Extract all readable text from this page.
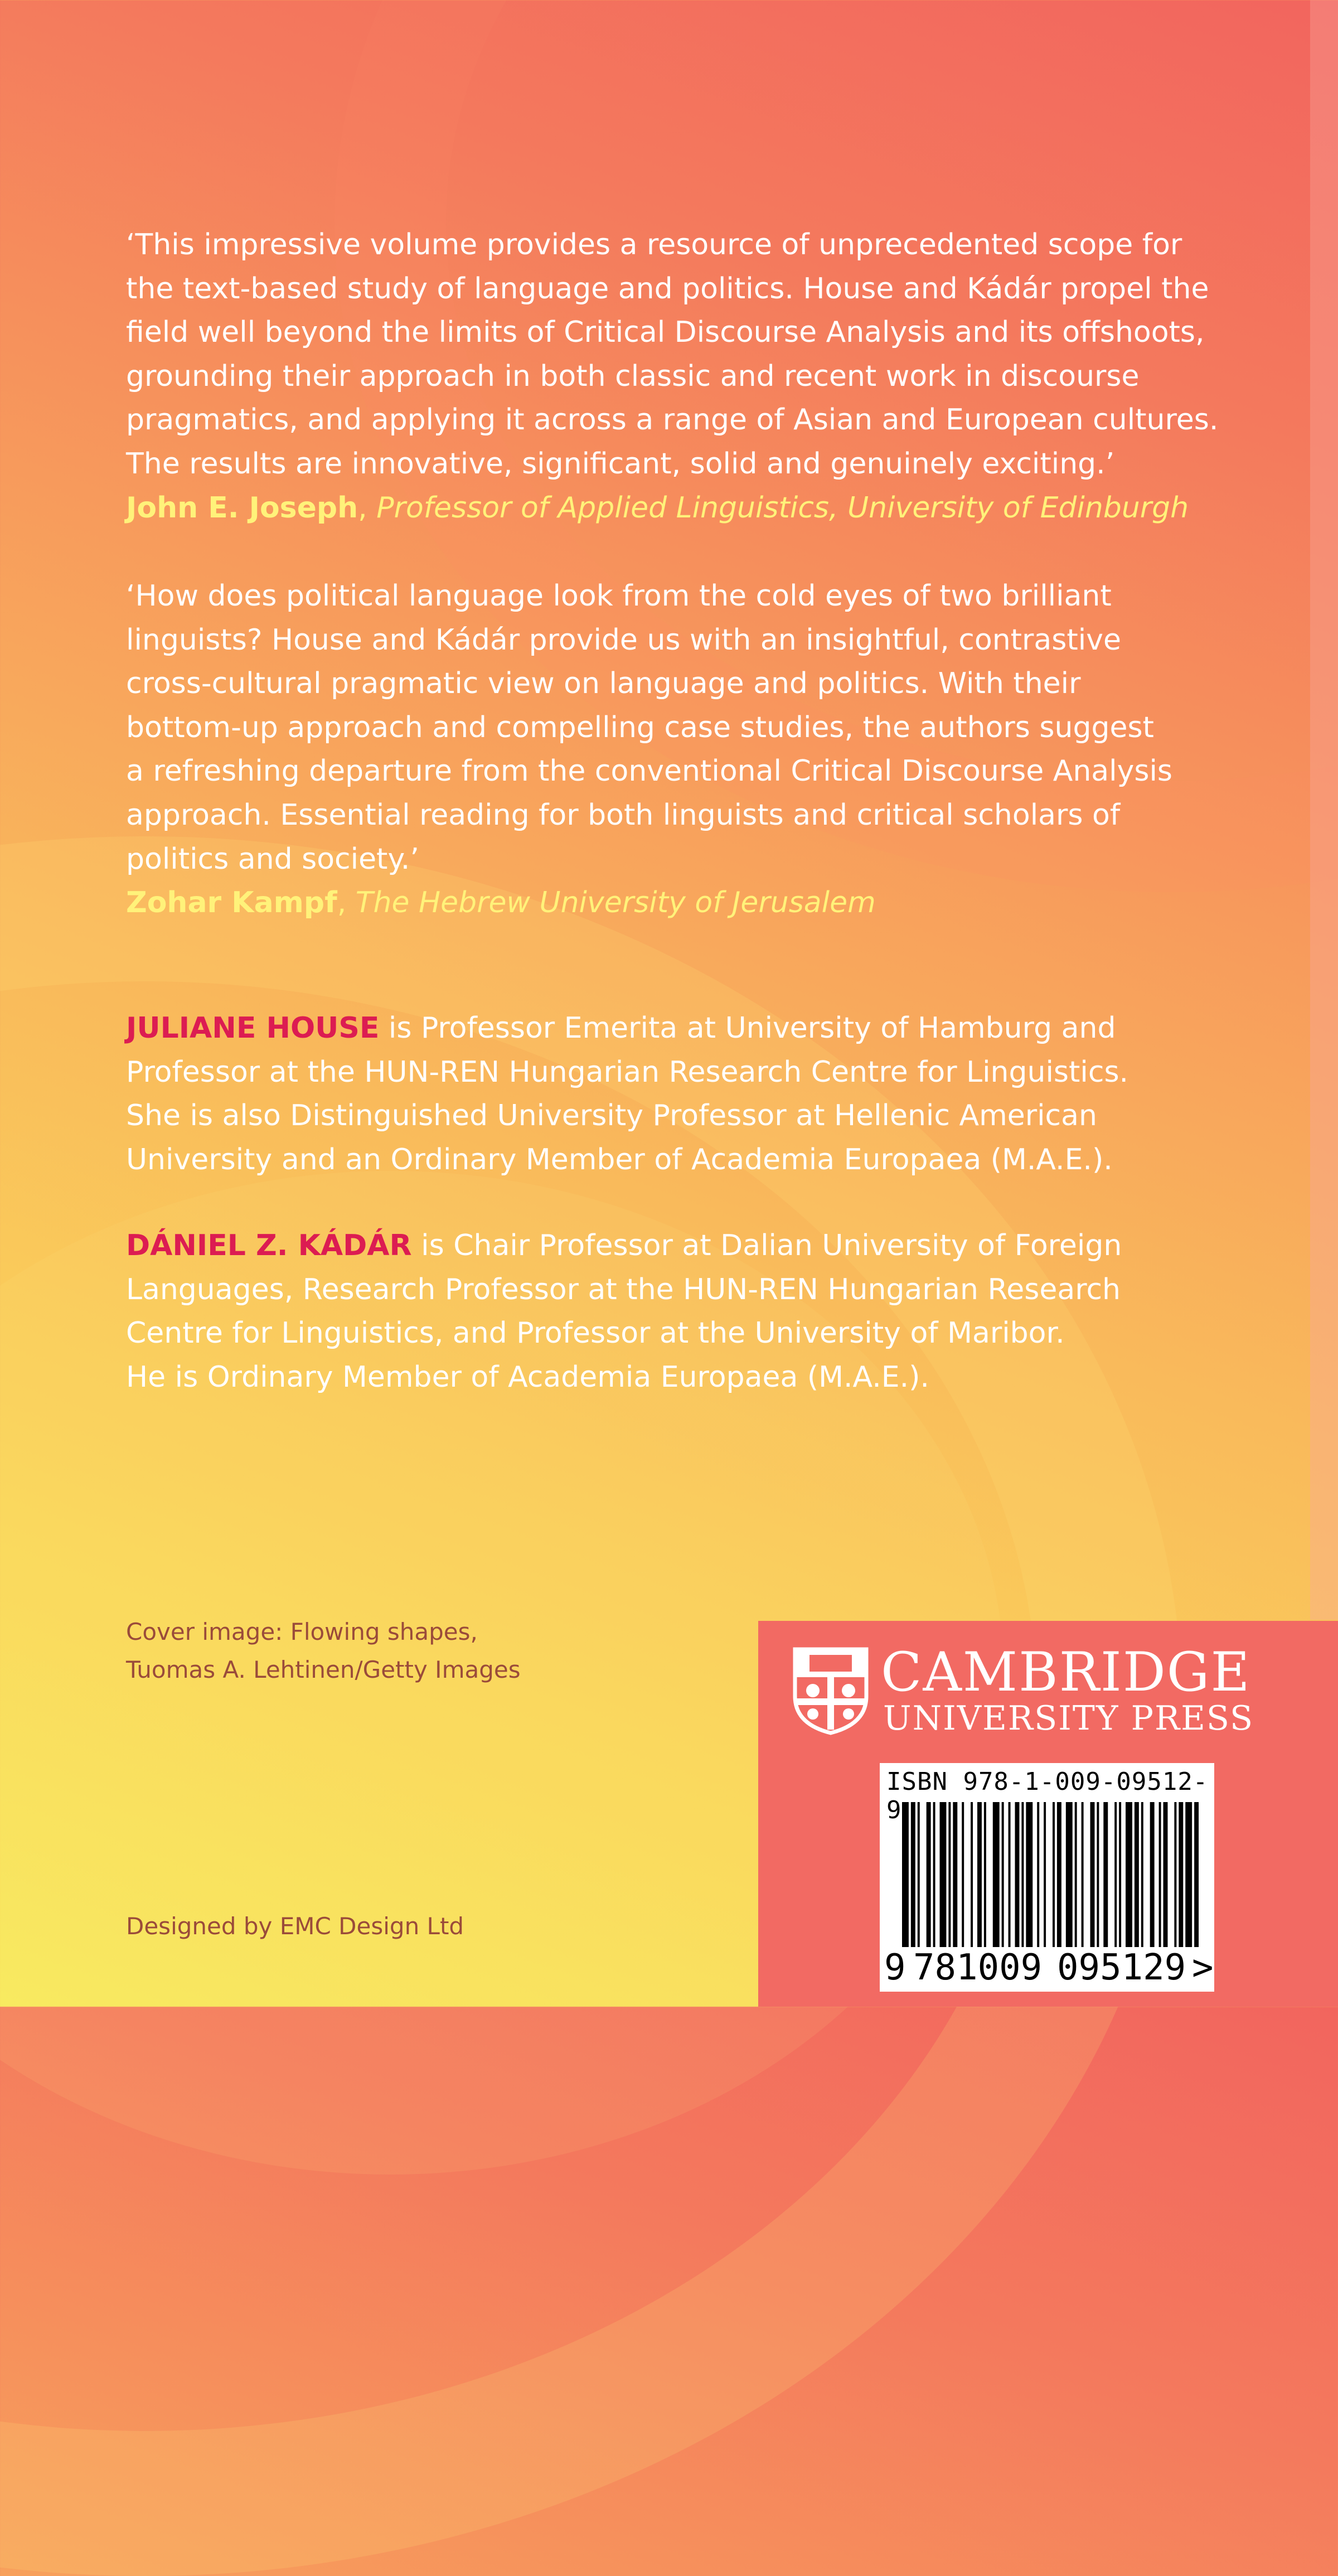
‘This impressive volume provides a resource of unprecedented scope for

the text-based study of language and politics. House and Kádár propel the

field well beyond the limits of Critical Discourse Analysis and its offshoots,

grounding their approach in both classic and recent work in discourse

pragmatics, and applying it across a range of Asian and European cultures.

The results are innovative, significant, solid and genuinely exciting.’

John E. Joseph, Professor of Applied Linguistics, University of Edinburgh

‘How does political language look from the cold eyes of two brilliant

linguists? House and Kádár provide us with an insightful, contrastive

cross-cultural pragmatic view on language and politics. With their

bottom-up approach and compelling case studies, the authors suggest

a refreshing departure from the conventional Critical Discourse Analysis

approach. Essential reading for both linguists and critical scholars of

politics and society.’

Zohar Kampf, The Hebrew University of Jerusalem

JULIANE HOUSE is Professor Emerita at University of Hamburg and

Professor at the HUN-REN Hungarian Research Centre for Linguistics.

She is also Distinguished University Professor at Hellenic American

University and an Ordinary Member of Academia Europaea (M.A.E.).

DÁNIEL Z. KÁDÁR is Chair Professor at Dalian University of Foreign

Languages, Research Professor at the HUN-REN Hungarian Research

Centre for Linguistics, and Professor at the University of Maribor.

He is Ordinary Member of Academia Europaea (M.A.E.).

Cover image: Flowing shapes,
Tuomas A. Lehtinen/Getty Images
Designed by EMC Design Ltd
CAMBRIDGE
UNIVERSITY PRESS
ISBN 978-1-009-09512-9
9 781009 095129 >
